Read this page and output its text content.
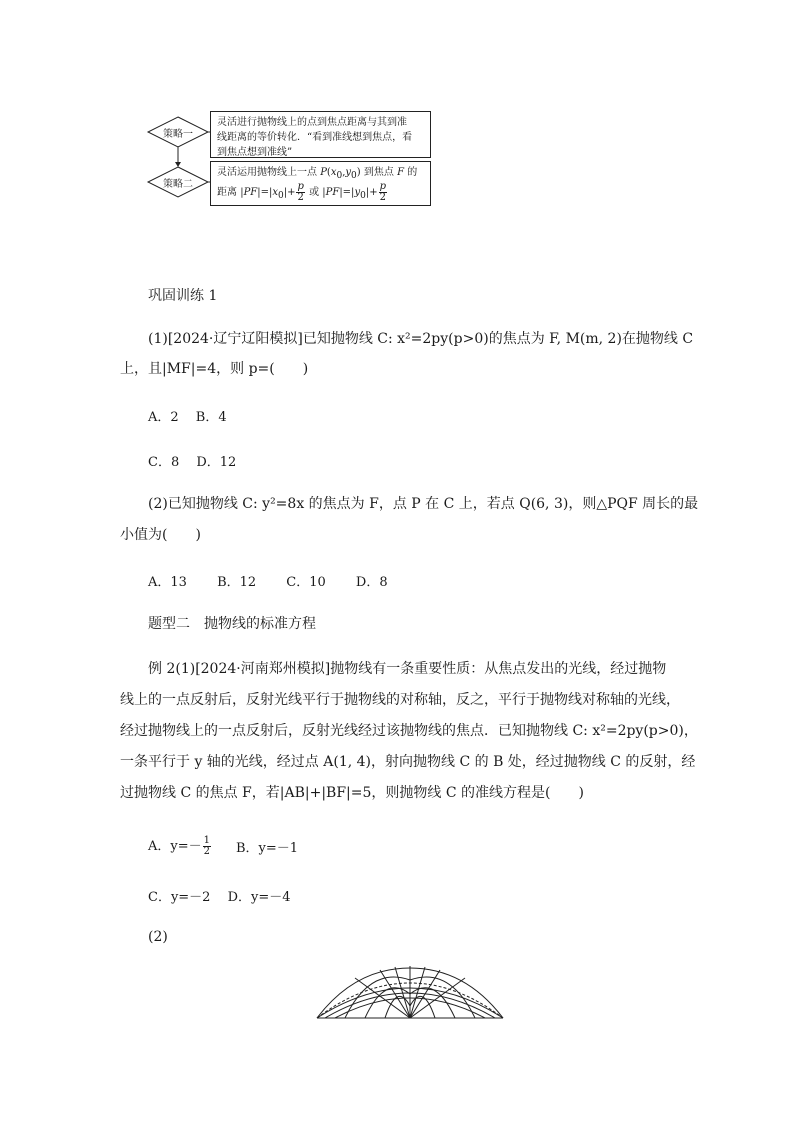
策略一
策略二
灵活进行抛物线上的点到焦点距离与其到准
线距离的等价转化．“看到准线想到焦点，看
到焦点想到准线”
灵活运用抛物线上一点 $P(x_0,y_0)$ 到焦点 F 的
距离 $|PF|=|x_0|+ \frac{p}{2}$ 或 $|PF|=|y_0|+ \frac{p}{2}$
巩固训练 1
(1)[2024·辽宁辽阳模拟]已知抛物线 C: x²=2py(p>0)的焦点为 F, M(m, 2)在抛物线 C
上，且|MF|=4，则 p=(　　)
A．2　 B．4
C．8　 D．12
(2)已知抛物线 C: y²=8x 的焦点为 F，点 P 在 C 上，若点 Q(6, 3)，则△PQF 周长的最
小值为(　　)
A．13　　 B．12　　 C．10　　 D．8
题型二　抛物线的标准方程
例 2(1)[2024·河南郑州模拟]抛物线有一条重要性质：从焦点发出的光线，经过抛物
线上的一点反射后，反射光线平行于抛物线的对称轴，反之，平行于抛物线对称轴的光线，
经过抛物线上的一点反射后，反射光线经过该抛物线的焦点．已知抛物线 C: x²=2py(p>0)，
一条平行于 y 轴的光线，经过点 A(1, 4)，射向抛物线 C 的 B 处，经过抛物线 C 的反射，经
过抛物线 C 的焦点 F，若|AB|+|BF|=5，则抛物线 C 的准线方程是(　　)
A．$y=- \frac{1}{2}$ B．y=－1
C．y=－2　 D．y=－4
(2)
